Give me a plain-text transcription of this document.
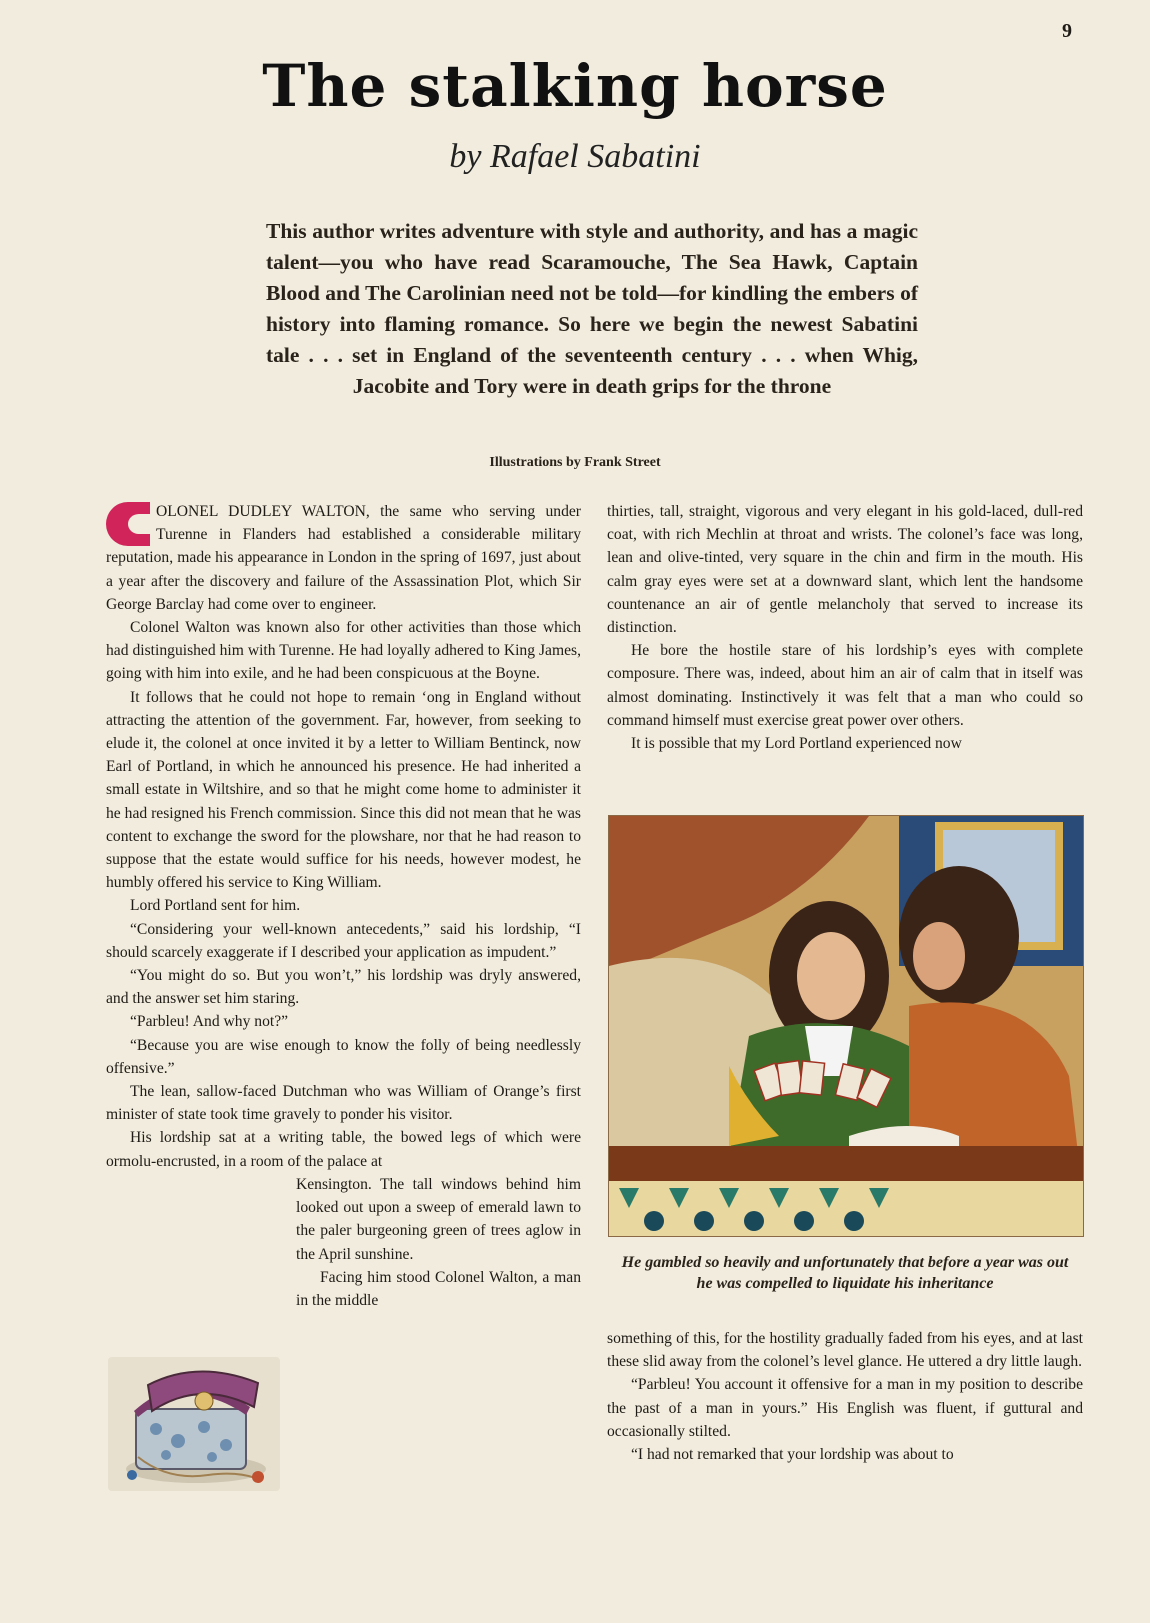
9
The stalking horse
by Rafael Sabatini
This author writes adventure with style and authority, and has a magic talent—you who have read Scaramouche, The Sea Hawk, Captain Blood and The Carolinian need not be told—for kindling the embers of history into flaming romance. So here we begin the newest Sabatini tale . . . set in England of the seventeenth century . . . when Whig, Jacobite and Tory were in death grips for the throne
Illustrations by Frank Street

OLONEL DUDLEY WALTON, the same who serving under Turenne in Flanders had established a considerable military reputation, made his appearance in London in the spring of 1697, just about a year after the discovery and failure of the Assassination Plot, which Sir George Barclay had come over to engineer.

Colonel Walton was known also for other activities than those which had distinguished him with Turenne. He had loyally adhered to King James, going with him into exile, and he had been conspicuous at the Boyne.

It follows that he could not hope to remain ‘ong in England without attracting the attention of the government. Far, however, from seeking to elude it, the colonel at once invited it by a letter to William Bentinck, now Earl of Portland, in which he announced his presence. He had inherited a small estate in Wiltshire, and so that he might come home to administer it he had resigned his French commission. Since this did not mean that he was content to exchange the sword for the plowshare, nor that he had reason to suppose that the estate would suffice for his needs, however modest, he humbly offered his service to King William.

Lord Portland sent for him.

“Considering your well-known antecedents,” said his lordship, “I should scarcely exaggerate if I described your application as impudent.”

“You might do so. But you won’t,” his lordship was dryly answered, and the answer set him staring.

“Parbleu! And why not?”

“Because you are wise enough to know the folly of being needlessly offensive.”

The lean, sallow-faced Dutchman who was William of Orange’s first minister of state took time gravely to ponder his visitor.

His lordship sat at a writing table, the bowed legs of which were ormolu-encrusted, in a room of the palace at

Kensington. The tall windows behind him looked out upon a sweep of emerald lawn to the paler burgeoning green of trees aglow in the April sunshine.

Facing him stood Colonel Walton, a man in the middle

thirties, tall, straight, vigorous and very elegant in his gold-laced, dull-red coat, with rich Mechlin at throat and wrists. The colonel’s face was long, lean and olive-tinted, very square in the chin and firm in the mouth. His calm gray eyes were set at a downward slant, which lent the handsome countenance an air of gentle melancholy that served to increase its distinction.

He bore the hostile stare of his lordship’s eyes with complete composure. There was, indeed, about him an air of calm that in itself was almost dominating. Instinctively it was felt that a man who could so command himself must exercise great power over others.

It is possible that my Lord Portland experienced now

He gambled so heavily and unfortunately that before a year was out he was compelled to liquidate his inheritance

something of this, for the hostility gradually faded from his eyes, and at last these slid away from the colonel’s level glance. He uttered a dry little laugh.

“Parbleu! You account it offensive for a man in my position to describe the past of a man in yours.” His English was fluent, if guttural and occasionally stilted.

“I had not remarked that your lordship was about to
